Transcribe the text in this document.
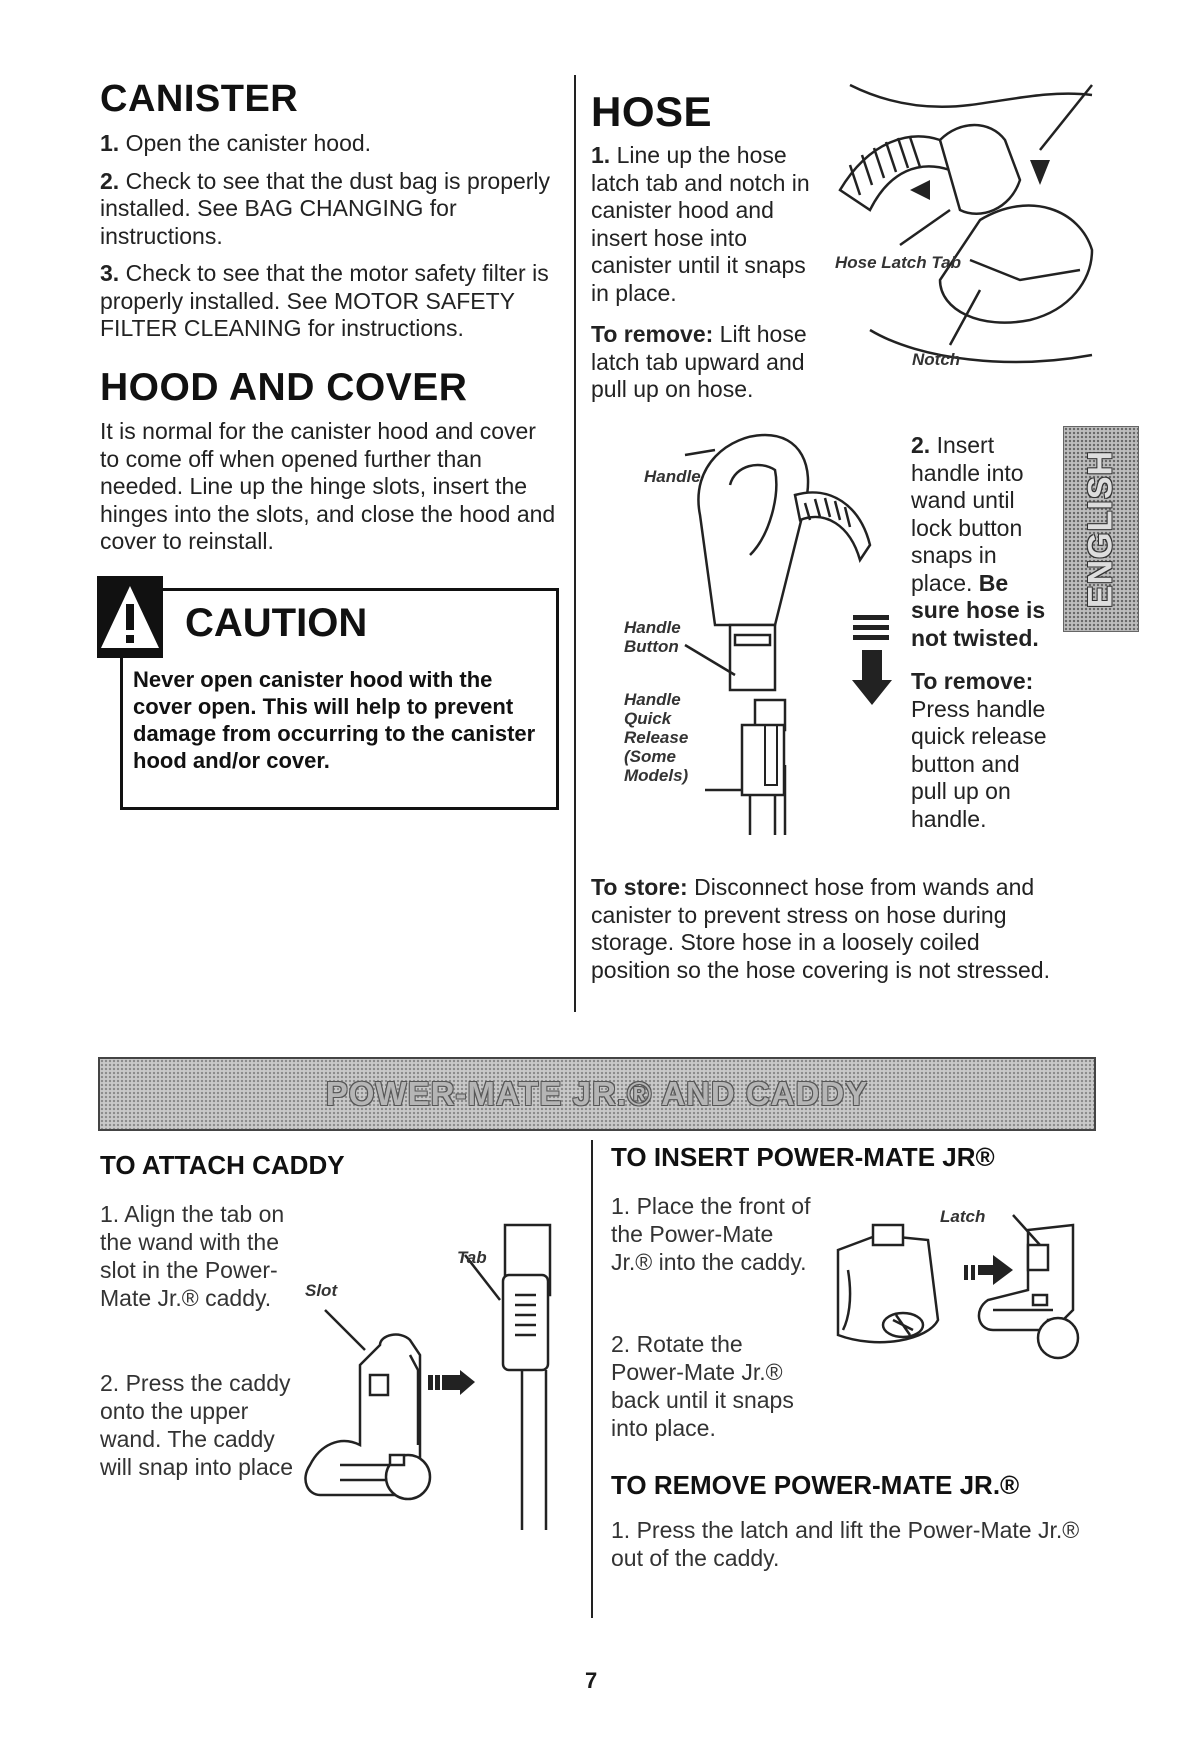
CANISTER

1. Open the canister hood.

2. Check to see that the dust bag is properly installed. See BAG CHANGING for instructions.

3. Check to see that the motor safety filter is properly installed. See MOTOR SAFETY FILTER CLEANING for instructions.

HOOD AND COVER
It is normal for the canister hood and cover to come off when opened further than needed. Line up the hinge slots, insert the hinges into the slots, and close the hood and cover to reinstall.
CAUTION
Never open canister hood with the cover open. This will help to prevent damage from occurring to the canister hood and/or cover.
HOSE
1. Line up the hose latch tab and notch in canister hood and insert hose into canister until it snaps in place.
To remove: Lift hose latch tab upward and pull up on hose.
Hose Latch Tab
Notch
Handle
Handle Button
Handle Quick Release (Some Models)
2. Insert handle into wand until lock button snaps in place. Be sure hose is not twisted.
To remove: Press handle quick release button and pull up on handle.
To store: Disconnect hose from wands and canister to prevent stress on hose during storage. Store hose in a loosely coiled position so the hose covering is not stressed.
ENGLISH
POWER-MATE JR.® AND CADDY
TO ATTACH CADDY
1. Align the tab on the wand with the slot in the Power-Mate Jr.® caddy.
2. Press the caddy onto the upper wand. The caddy will snap into place
Tab
Slot
TO INSERT POWER-MATE JR®
1. Place the front of the Power-Mate Jr.® into the caddy.
2. Rotate the Power-Mate Jr.® back until it snaps into place.
Latch
TO REMOVE POWER-MATE JR.®
1. Press the latch and lift the Power-Mate Jr.® out of the caddy.
7
